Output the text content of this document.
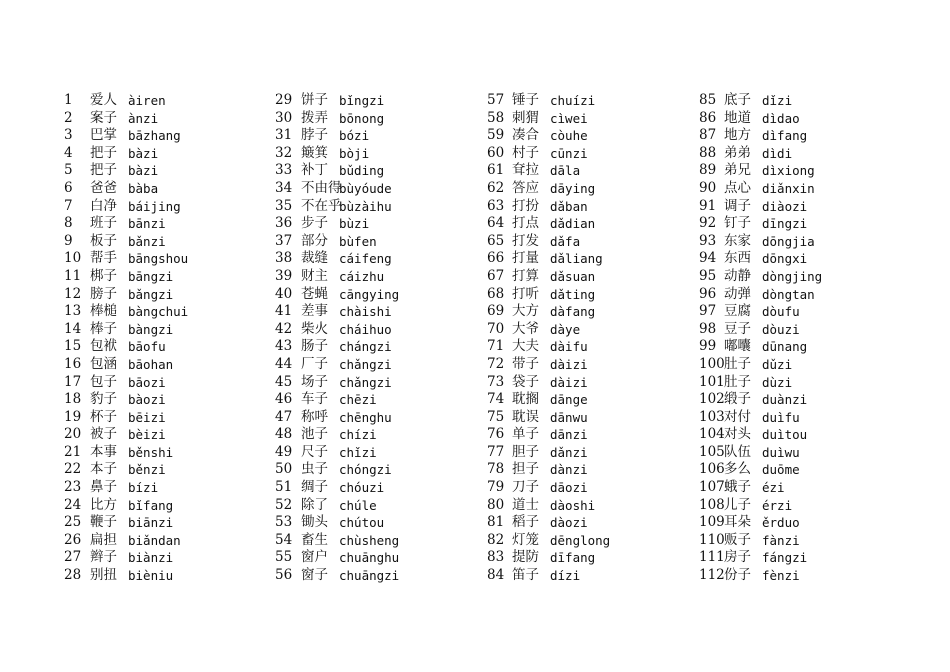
1 爱人 àiren
2 案子 ànzi
3 巴掌 bāzhang
4 把子 bàzi
5 把子 bàzi
6 爸爸 bàba
7 白净 báijing
8 班子 bānzi
9 板子 bǎnzi
10 帮手 bāngshou
11 梆子 bāngzi
12 膀子 bǎngzi
13 棒槌 bàngchui
14 棒子 bàngzi
15 包袱 bāofu
16 包涵 bāohan
17 包子 bāozi
18 豹子 bàozi
19 杯子 bēizi
20 被子 bèizi
21 本事 běnshi
22 本子 běnzi
23 鼻子 bízi
24 比方 bǐfang
25 鞭子 biānzi
26 扁担 biǎndan
27 辫子 biànzi
28 别扭 bièniu
29 饼子 bǐngzi
30 拨弄 bōnong
31 脖子 bózi
32 簸箕 bòji
33 补丁 bǔding
34 不由得
bùyóude
35 不在乎
bùzàihu
36 步子 bùzi
37 部分 bùfen
38 裁缝 cáifeng
39 财主 cáizhu
40 苍蝇 cāngying
41 差事 chàishi
42 柴火 cháihuo
43 肠子 chángzi
44 厂子 chǎngzi
45 场子 chǎngzi
46 车子 chēzi
47 称呼 chēnghu
48 池子 chízi
49 尺子 chǐzi
50 虫子 chóngzi
51 绸子 chóuzi
52 除了 chúle
53 锄头 chútou
54 畜生 chùsheng
55 窗户 chuānghu
56 窗子 chuāngzi
57 锤子 chuízi
58 刺猬 cìwei
59 凑合 còuhe
60 村子 cūnzi
61 耷拉 dāla
62 答应 dāying
63 打扮 dǎban
64 打点 dǎdian
65 打发 dǎfa
66 打量 dǎliang
67 打算 dǎsuan
68 打听 dǎting
69 大方 dàfang
70 大爷 dàye
71 大夫 dàifu
72 带子 dàizi
73 袋子 dàizi
74 耽搁 dānge
75 耽误 dānwu
76 单子 dānzi
77 胆子 dǎnzi
78 担子 dànzi
79 刀子 dāozi
80 道士 dàoshi
81 稻子 dàozi
82 灯笼 dēnglong
83 提防 dīfang
84 笛子 dízi
85 底子 dǐzi
86 地道 dìdao
87 地方 dìfang
88 弟弟 dìdi
89 弟兄 dìxiong
90 点心 diǎnxin
91 调子 diàozi
92 钉子 dīngzi
93 东家 dōngjia
94 东西 dōngxi
95 动静 dòngjing
96 动弹 dòngtan
97 豆腐 dòufu
98 豆子 dòuzi
99 嘟囔 dūnang
100 肚子 dǔzi
101 肚子 dùzi
102 缎子 duànzi
103 对付 duìfu
104 对头 duìtou
105 队伍 duìwu
106 多么 duōme
107 蛾子 ézi
108 儿子 érzi
109 耳朵 ěrduo
110 贩子 fànzi
111 房子 fángzi
112 份子 fènzi
